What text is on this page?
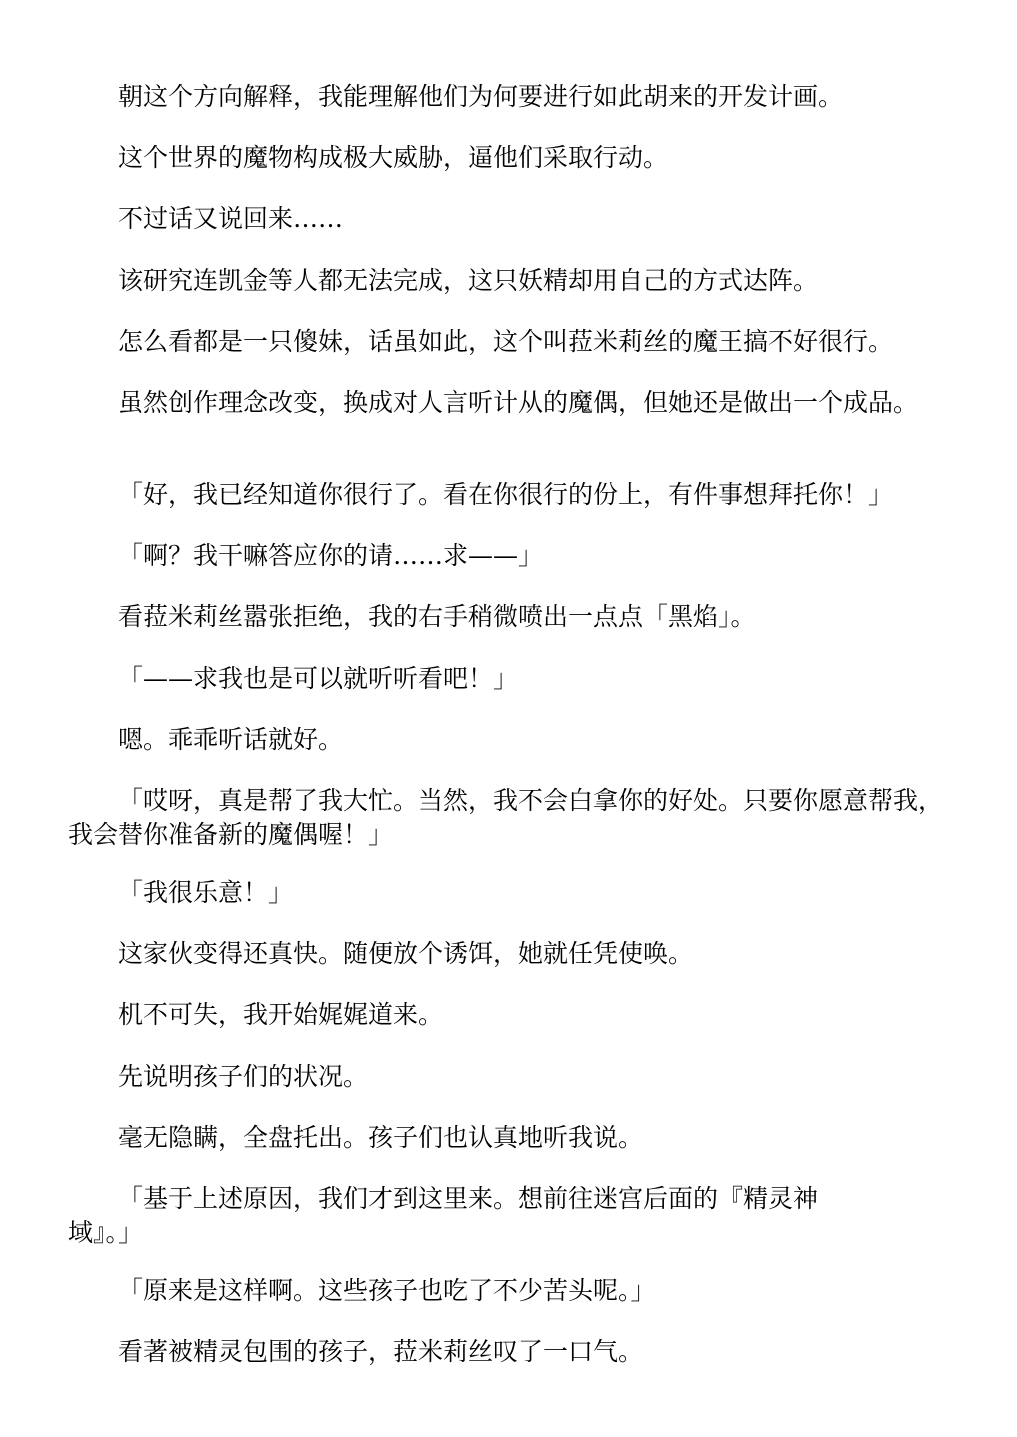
朝这个方向解释，我能理解他们为何要进行如此胡来的开发计画。

这个世界的魔物构成极大威胁，逼他们采取行动。

不过话又说回来……

该研究连凯金等人都无法完成，这只妖精却用自己的方式达阵。

怎么看都是一只傻妹，话虽如此，这个叫菈米莉丝的魔王搞不好很行。

虽然创作理念改变，换成对人言听计从的魔偶，但她还是做出一个成品。

「好，我已经知道你很行了。看在你很行的份上，有件事想拜托你！」

「啊？我干嘛答应你的请……求——」

看菈米莉丝嚣张拒绝，我的右手稍微喷出一点点「黑焰」。

「——求我也是可以就听听看吧！」

嗯。乖乖听话就好。

「哎呀，真是帮了我大忙。当然，我不会白拿你的好处。只要你愿意帮我，我会替你准备新的魔偶喔！」

「我很乐意！」

这家伙变得还真快。随便放个诱饵，她就任凭使唤。

机不可失，我开始娓娓道来。

先说明孩子们的状况。

毫无隐瞒，全盘托出。孩子们也认真地听我说。

「基于上述原因，我们才到这里来。想前往迷宫后面的『精灵神域』。」

「原来是这样啊。这些孩子也吃了不少苦头呢。」

看著被精灵包围的孩子，菈米莉丝叹了一口气。
